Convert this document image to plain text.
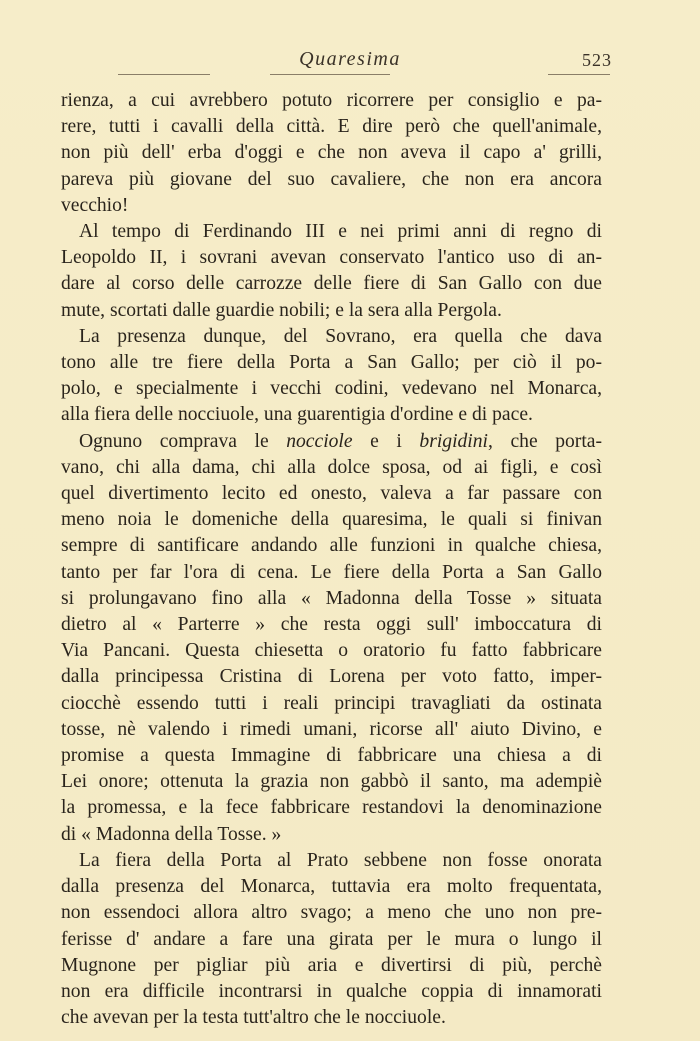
Quaresima	523
rienza, a cui avrebbero potuto ricorrere per consiglio e pa-
rere, tutti i cavalli della città. E dire però che quell'animale,
non più dell' erba d'oggi e che non aveva il capo a' grilli,
pareva più giovane del suo cavaliere, che non era ancora
vecchio!
Al tempo di Ferdinando III e nei primi anni di regno di
Leopoldo II, i sovrani avevan conservato l'antico uso di an-
dare al corso delle carrozze delle fiere di San Gallo con due
mute, scortati dalle guardie nobili; e la sera alla Pergola.
La presenza dunque, del Sovrano, era quella che dava
tono alle tre fiere della Porta a San Gallo; per ciò il po-
polo, e specialmente i vecchi codini, vedevano nel Monarca,
alla fiera delle nocciuole, una guarentigia d'ordine e di pace.
Ognuno comprava le nocciole e i brigidini, che porta-
vano, chi alla dama, chi alla dolce sposa, od ai figli, e così
quel divertimento lecito ed onesto, valeva a far passare con
meno noia le domeniche della quaresima, le quali si finivan
sempre di santificare andando alle funzioni in qualche chiesa,
tanto per far l'ora di cena. Le fiere della Porta a San Gallo
si prolungavano fino alla « Madonna della Tosse » situata
dietro al « Parterre » che resta oggi sull' imboccatura di
Via Pancani. Questa chiesetta o oratorio fu fatto fabbricare
dalla principessa Cristina di Lorena per voto fatto, imper-
ciocchè essendo tutti i reali principi travagliati da ostinata
tosse, nè valendo i rimedi umani, ricorse all' aiuto Divino, e
promise a questa Immagine di fabbricare una chiesa a di
Lei onore; ottenuta la grazia non gabbò il santo, ma adempiè
la promessa, e la fece fabbricare restandovi la denominazione
di « Madonna della Tosse. »
La fiera della Porta al Prato sebbene non fosse onorata
dalla presenza del Monarca, tuttavia era molto frequentata,
non essendoci allora altro svago; a meno che uno non pre-
ferisse d' andare a fare una girata per le mura o lungo il
Mugnone per pigliar più aria e divertirsi di più, perchè
non era difficile incontrarsi in qualche coppia di innamorati
che avevan per la testa tutt'altro che le nocciuole.
